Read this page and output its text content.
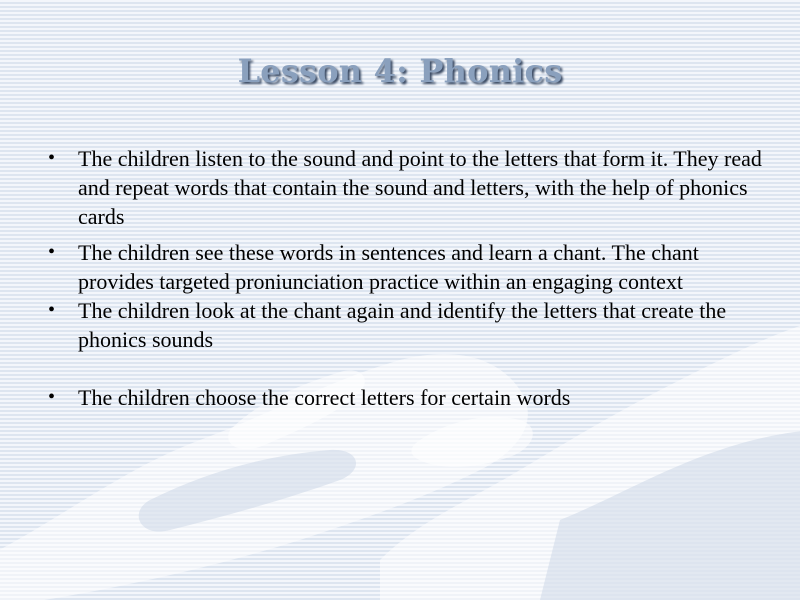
Lesson 4: Phonics
• The children listen to the sound and point to the letters that form it. They read and repeat words that contain the sound and letters, with the help of phonics cards
• The children see these words in sentences and learn a chant. The chant provides targeted proniunciation practice within an engaging context
• The children look at the chant again and identify the letters that create the phonics sounds
• The children choose the correct letters for certain words
